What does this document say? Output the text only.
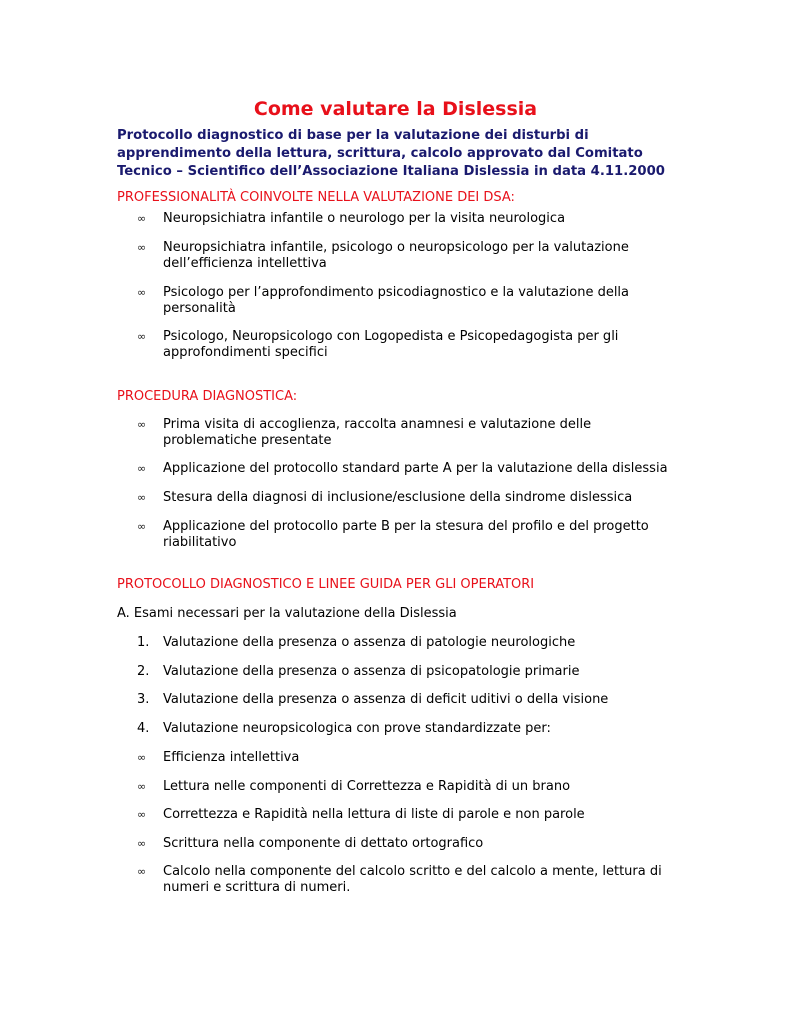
Come valutare la Dislessia

Protocollo diagnostico di base per la valutazione dei disturbi di apprendimento della lettura, scrittura, calcolo approvato dal Comitato Tecnico – Scientifico dell’Associazione Italiana Dislessia in data 4.11.2000

PROFESSIONALITÀ COINVOLTE NELLA VALUTAZIONE DEI DSA:

∞	Neuropsichiatra infantile o neurologo per la visita neurologica
∞	Neuropsichiatra infantile, psicologo o neuropsicologo per la valutazione dell’efficienza intellettiva
∞	Psicologo per l’approfondimento psicodiagnostico e la valutazione della personalità
∞	Psicologo, Neuropsicologo con Logopedista e Psicopedagogista per gli approfondimenti specifici

PROCEDURA DIAGNOSTICA:

∞	Prima visita di accoglienza, raccolta anamnesi e valutazione delle problematiche presentate
∞	Applicazione del protocollo standard parte A per la valutazione della dislessia
∞	Stesura della diagnosi di inclusione/esclusione della sindrome dislessica
∞	Applicazione del protocollo parte B per la stesura del profilo e del progetto riabilitativo

PROTOCOLLO DIAGNOSTICO E LINEE GUIDA PER GLI OPERATORI

A. Esami necessari per la valutazione della Dislessia

1.	Valutazione della presenza o assenza di patologie neurologiche
2.	Valutazione della presenza o assenza di psicopatologie primarie
3.	Valutazione della presenza o assenza di deficit uditivi o della visione
4.	Valutazione neuropsicologica con prove standardizzate per:
∞	Efficienza intellettiva
∞	Lettura nelle componenti di Correttezza e Rapidità di un brano
∞	Correttezza e Rapidità nella lettura di liste di parole e non parole
∞	Scrittura nella componente di dettato ortografico
∞	Calcolo nella componente del calcolo scritto e del calcolo a mente, lettura di numeri e scrittura di numeri.
